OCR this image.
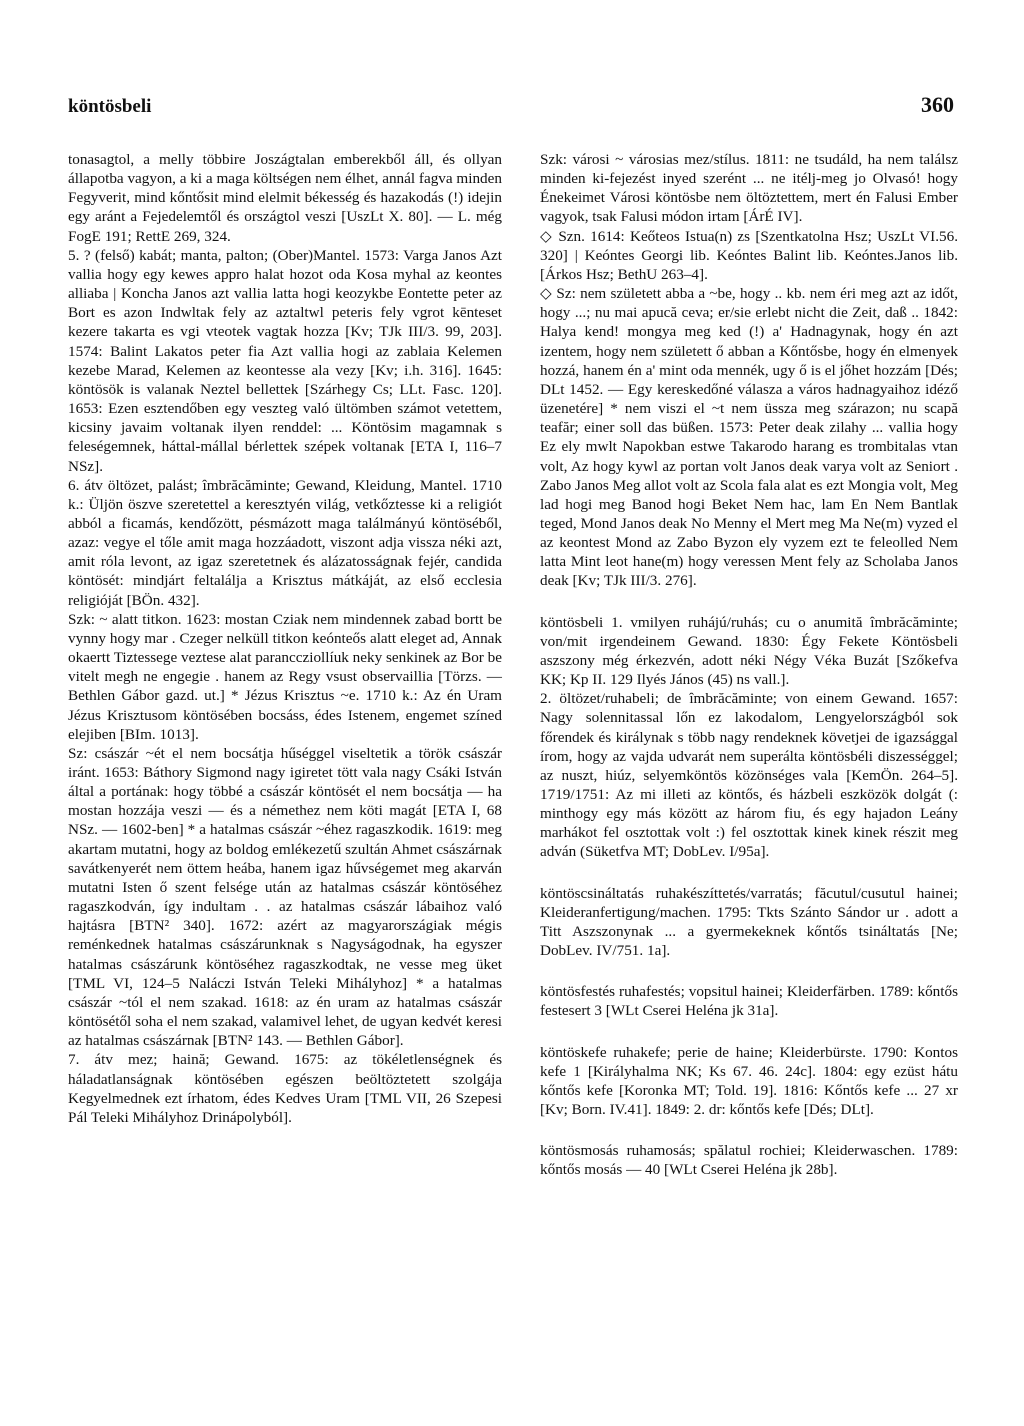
köntösbeli	360

tonasagtol, a melly többire Joszágtalan emberekből áll, és ollyan állapotba vagyon, a ki a maga költségen nem élhet, annál fagva minden Fegyverit, mind kőntősit mind elelmit békesség és hazakodás (!) idejin egy aránt a Fejedelemtől és országtol veszi [UszLt X. 80]. — L. még FogE 191; RettE 269, 324.

5. ? (felső) kabát; manta, palton; (Ober)Mantel. 1573: Varga Janos Azt vallia hogy egy kewes appro halat hozot oda Kosa myhal az keontes alliaba | Koncha Janos azt vallia latta hogi keozykbe Eontette peter az Bort es azon Indwltak fely az aztaltwl peteris fely vgrot kēnteset kezere takarta es vgi vteotek vagtak hozza [Kv; TJk III/3. 99, 203]. 1574: Balint Lakatos peter fia Azt vallia hogi az zablaia Kelemen kezebe Marad, Kelemen az keontesse ala vezy [Kv; i.h. 316]. 1645: köntösök is valanak Neztel bellettek [Szárhegy Cs; LLt. Fasc. 120]. 1653: Ezen esztendőben egy veszteg való ültömben számot vetettem, kicsiny javaim voltanak ilyen renddel: ... Köntösim magamnak s feleségemnek, háttal-mállal bérlettek szépek voltanak [ETA I, 116–7 NSz].

6. átv öltözet, palást; îmbrăcăminte; Gewand, Kleidung, Mantel. 1710 k.: Üljön öszve szeretettel a keresztyén világ, vetkőztesse ki a religiót abból a ficamás, kendőzött, pésmázott maga találmányú köntöséből, azaz: vegye el tőle amit maga hozzáadott, viszont adja vissza néki azt, amit róla levont, az igaz szeretetnek és alázatosságnak fejér, candida köntösét: mindjárt feltalálja a Krisztus mátkáját, az első ecclesia religióját [BÖn. 432].

Szk: ~ alatt titkon. 1623: mostan Cziak nem mindennek zabad bortt be vynny hogy mar . Czeger nelküll titkon keónteős alatt eleget ad, Annak okaertt Tiztessege veztese alat paranccziollíuk neky senkinek az Bor be vitelt megh ne engegie . hanem az Regy vsust observaillia [Törzs. — Bethlen Gábor gazd. ut.] * Jézus Krisztus ~e. 1710 k.: Az én Uram Jézus Krisztusom köntösében bocsáss, édes Istenem, engemet színed elejiben [BIm. 1013].

Sz: császár ~ét el nem bocsátja hűséggel viseltetik a török császár iránt. 1653: Báthory Sigmond nagy igiretet tött vala nagy Csáki István által a portának: hogy többé a császár köntösét el nem bocsátja — ha mostan hozzája veszi — és a némethez nem köti magát [ETA I, 68 NSz. — 1602-ben] * a hatalmas császár ~éhez ragaszkodik. 1619: meg akartam mutatni, hogy az boldog emlékezetű szultán Ahmet császárnak savátkenyerét nem öttem heába, hanem igaz hűvségemet meg akarván mutatni Isten ő szent felsége után az hatalmas császár köntöséhez ragaszkodván, így indultam . . az hatalmas császár lábaihoz való hajtásra [BTN² 340]. 1672: azért az magyarországiak mégis reménkednek hatalmas császárunknak s Nagyságodnak, ha egyszer hatalmas császárunk köntöséhez ragaszkodtak, ne vesse meg üket [TML VI, 124–5 Naláczi István Teleki Mihályhoz] * a hatalmas császár ~tól el nem szakad. 1618: az én uram az hatalmas császár köntösétől soha el nem szakad, valamivel lehet, de ugyan kedvét keresi az hatalmas császárnak [BTN² 143. — Bethlen Gábor].

7. átv mez; haină; Gewand. 1675: az tökéletlenségnek és háladatlanságnak köntösében egészen beöltöztetett szolgája Kegyelmednek ezt írhatom, édes Kedves Uram [TML VII, 26 Szepesi Pál Teleki Mihályhoz Drinápolyból].

Szk: városi ~ városias mez/stílus. 1811: ne tsudáld, ha nem találsz minden ki-fejezést inyed szerént ... ne itélj-meg jo Olvasó! hogy Énekeimet Városi köntösbe nem öltöztettem, mert én Falusi Ember vagyok, tsak Falusi módon irtam [ÁrÉ IV].

◇ Szn. 1614: Keőteos Istua(n) zs [Szentkatolna Hsz; UszLt VI.56. 320] | Keóntes Georgi lib. Keóntes Balint lib. Keóntes.Janos lib. [Árkos Hsz; BethU 263–4].

◇ Sz: nem született abba a ~be, hogy .. kb. nem éri meg azt az időt, hogy ...; nu mai apucă ceva; er/sie erlebt nicht die Zeit, daß .. 1842: Halya kend! mongya meg ked (!) a' Hadnagynak, hogy én azt izentem, hogy nem született ő abban a Kőntősbe, hogy én elmenyek hozzá, hanem én a' mint oda mennék, ugy ő is el jőhet hozzám [Dés; DLt 1452. — Egy kereskedőné válasza a város hadnagyaihoz idéző üzenetére] * nem viszi el ~t nem üssza meg szárazon; nu scapă teafăr; einer soll das büßen. 1573: Peter deak zilahy ... vallia hogy Ez ely mwlt Napokban estwe Takarodo harang es trombitalas vtan volt, Az hogy kywl az portan volt Janos deak varya volt az Seniort . Zabo Janos Meg allot volt az Scola fala alat es ezt Mongia volt, Meg lad hogi meg Banod hogi Beket Nem hac, lam En Nem Bantlak teged, Mond Janos deak No Menny el Mert meg Ma Ne(m) vyzed el az keontest Mond az Zabo Byzon ely vyzem ezt te feleolled Nem latta Mint leot hane(m) hogy veressen Ment fely az Scholaba Janos deak [Kv; TJk III/3. 276].

köntösbeli 1. vmilyen ruhájú/ruhás; cu o anumită îmbrăcăminte; von/mit irgendeinem Gewand. 1830: Égy Fekete Köntösbeli aszszony még érkezvén, adott néki Négy Véka Buzát [Szőkefva KK; Kp II. 129 Ilyés János (45) ns vall.].

2. öltözet/ruhabeli; de îmbrăcăminte; von einem Gewand. 1657: Nagy solennitassal lőn ez lakodalom, Lengyelországból sok főrendek és királynak s több nagy rendeknek követjei de igazsággal írom, hogy az vajda udvarát nem superálta köntösbéli diszességgel; az nuszt, hiúz, selyemköntös közönséges vala [KemÖn. 264–5]. 1719/1751: Az mi illeti az köntős, és házbeli eszközök dolgát (: minthogy egy más között az három fiu, és egy hajadon Leány marhákot fel osztottak volt :) fel osztottak kinek kinek részit meg adván (Süketfva MT; DobLev. I/95a].

köntöscsináltatás ruhakészíttetés/varratás; făcutul/cusutul hainei; Kleideranfertigung/machen. 1795: Tkts Szánto Sándor ur . adott a Titt Aszszonynak ... a gyermekeknek kőntős tsináltatás [Ne; DobLev. IV/751. 1a].

köntösfestés ruhafestés; vopsitul hainei; Kleiderfärben. 1789: kőntős festesert 3 [WLt Cserei Heléna jk 31a].

köntöskefe ruhakefe; perie de haine; Kleiderbürste. 1790: Kontos kefe 1 [Királyhalma NK; Ks 67. 46. 24c]. 1804: egy ezüst hátu kőntős kefe [Koronka MT; Told. 19]. 1816: Kőntős kefe ... 27 xr [Kv; Born. IV.41]. 1849: 2. dr: kőntős kefe [Dés; DLt].

köntösmosás ruhamosás; spălatul rochiei; Kleiderwaschen. 1789: kőntős mosás — 40 [WLt Cserei Heléna jk 28b].
